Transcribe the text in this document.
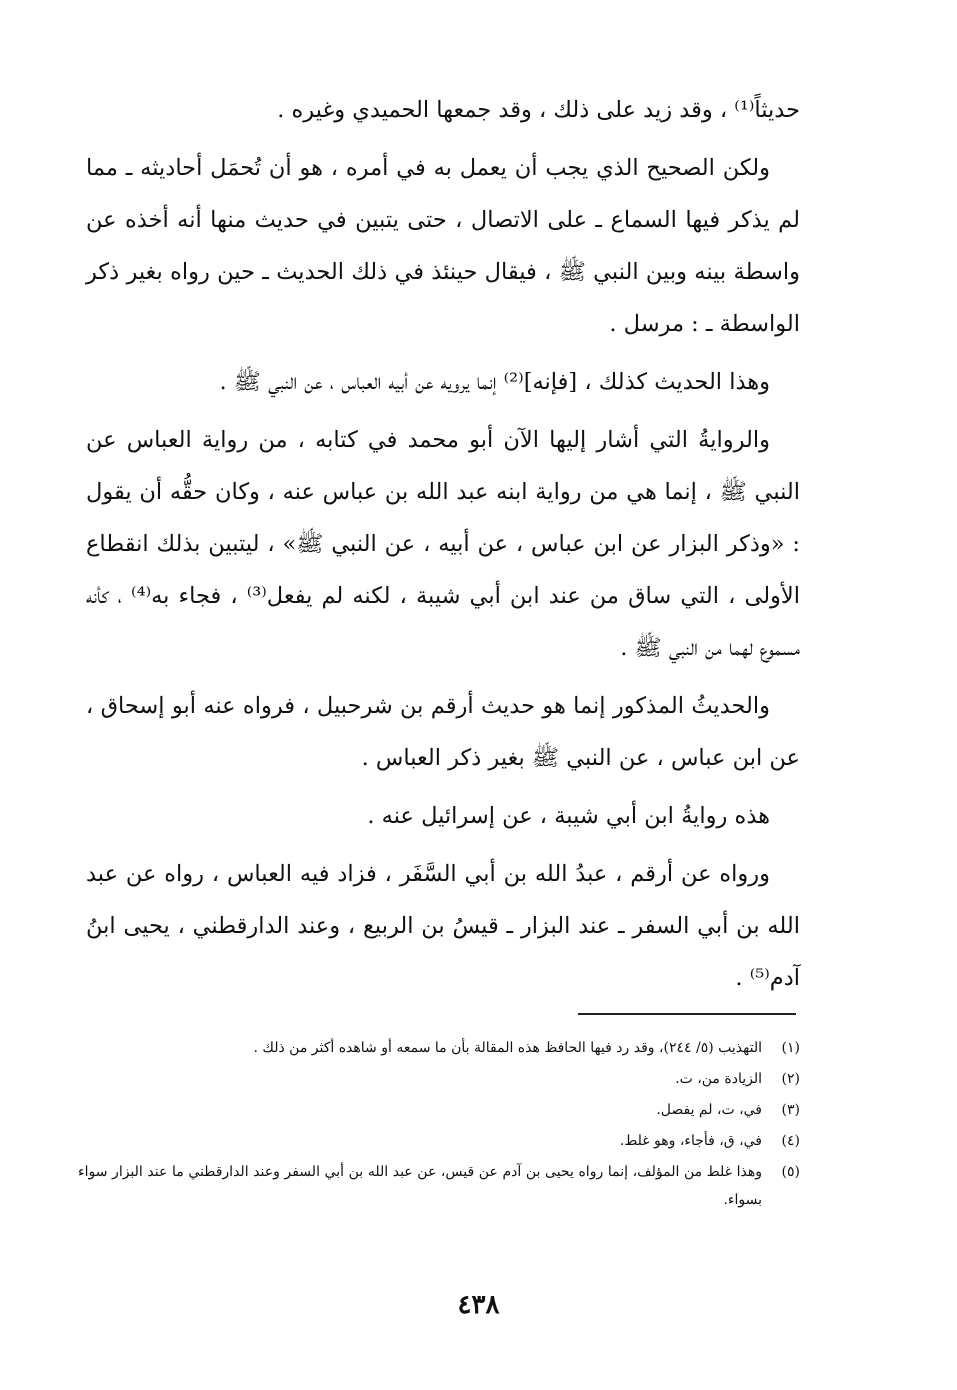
حديثاً⁽¹⁾ ، وقد زيد على ذلك ، وقد جمعها الحميدي وغيره .

ولكن الصحيح الذي يجب أن يعمل به في أمره ، هو أن تُحمَل أحاديثه ـ مما لم يذكر فيها السماع ـ على الاتصال ، حتى يتبين في حديث منها أنه أخذه عن واسطة بينه وبين النبي ﷺ ، فيقال حينئذ في ذلك الحديث ـ حين رواه بغير ذكر الواسطة ـ : مرسل .

وهذا الحديث كذلك ، [فإنه]⁽²⁾ إنما يرويه عن أبيه العباس ، عن النبي ﷺ .

والروايةُ التي أشار إليها الآن أبو محمد في كتابه ، من رواية العباس عن النبي ﷺ ، إنما هي من رواية ابنه عبد الله بن عباس عنه ، وكان حقُّه أن يقول : «وذكر البزار عن ابن عباس ، عن أبيه ، عن النبي ﷺ» ، ليتبين بذلك انقطاع الأولى ، التي ساق من عند ابن أبي شيبة ، لكنه لم يفعل⁽³⁾ ، فجاء به⁽⁴⁾ ، كأنه مسموع لهما من النبي ﷺ .

والحديثُ المذكور إنما هو حديث أرقم بن شرحبيل ، فرواه عنه أبو إسحاق ، عن ابن عباس ، عن النبي ﷺ بغير ذكر العباس .

هذه روايةُ ابن أبي شيبة ، عن إسرائيل عنه .

ورواه عن أرقم ، عبدُ الله بن أبي السَّفَر ، فزاد فيه العباس ، رواه عن عبد الله بن أبي السفر ـ عند البزار ـ قيسُ بن الربيع ، وعند الدارقطني ، يحيى ابنُ آدم⁽⁵⁾ .

(١)
التهذيب (٥/ ٢٤٤)، وقد رد فيها الحافظ هذه المقالة بأن ما سمعه أو شاهده أكثر من ذلك .
(٢)
الزيادة من، ت.
(٣)
في، ت، لم يفصل.
(٤)
في، ق، فأجاء، وهو غلط.
(٥)
وهذا غلط من المؤلف، إنما رواه يحيى بن آدم عن قيس، عن عبد الله بن أبي السفر وعند الدارقطني ما عند البزار سواء بسواء.
٤٣٨
